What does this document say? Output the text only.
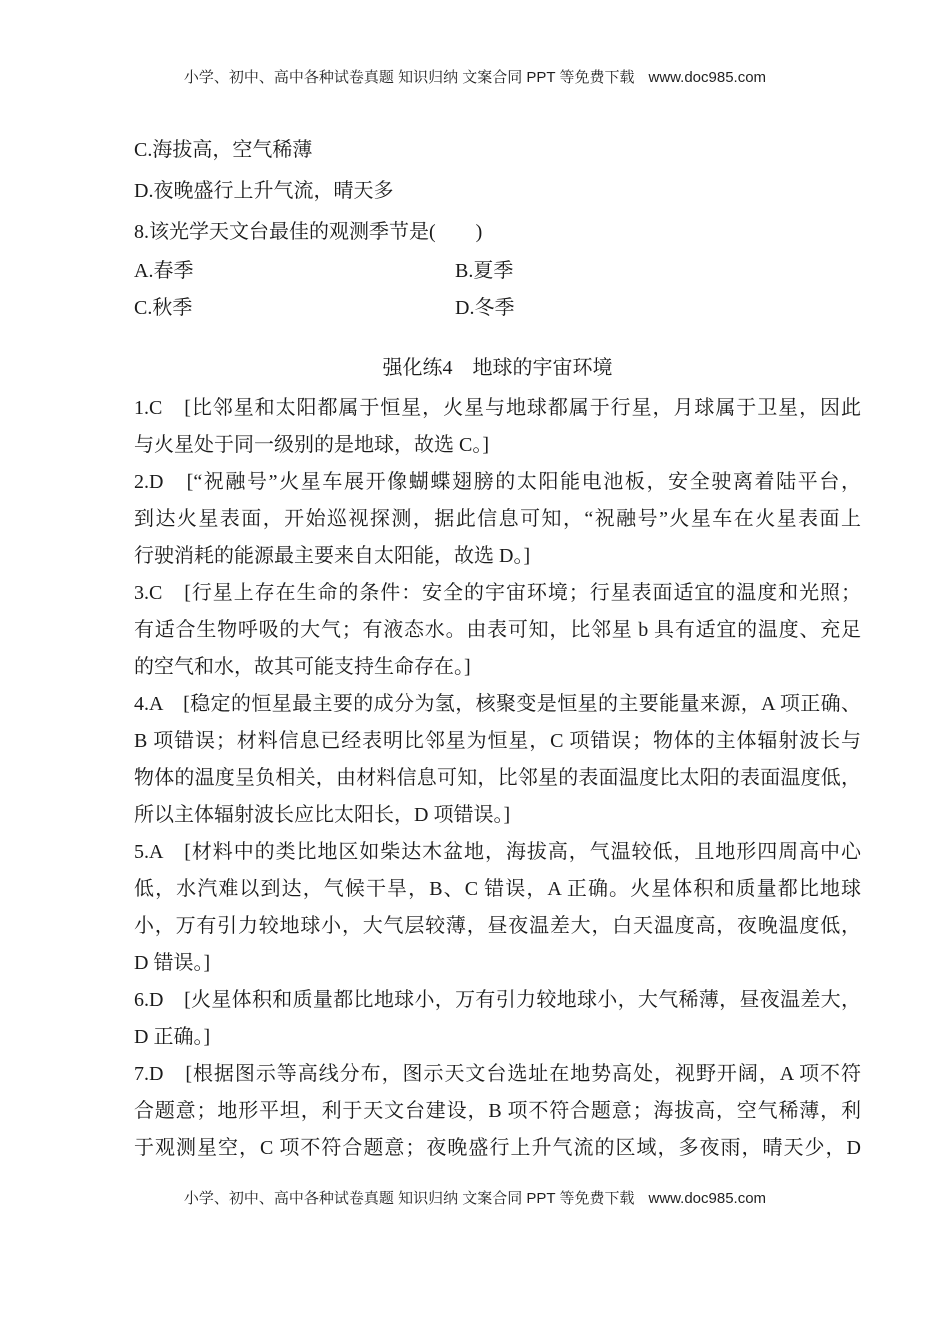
小学、初中、高中各种试卷真题 知识归纳 文案合同 PPT 等免费下载 www.doc985.com
C.海拔高，空气稀薄
D.夜晚盛行上升气流，晴天多
8.该光学天文台最佳的观测季节是(　　)
A.春季	B.夏季
C.秋季	D.冬季
强化练4　地球的宇宙环境
1.C　[比邻星和太阳都属于恒星，火星与地球都属于行星，月球属于卫星，因此
与火星处于同一级别的是地球，故选 C。]
2.D　[“祝融号”火星车展开像蝴蝶翅膀的太阳能电池板，安全驶离着陆平台，
到达火星表面，开始巡视探测，据此信息可知，“祝融号”火星车在火星表面上
行驶消耗的能源最主要来自太阳能，故选 D。]
3.C　[行星上存在生命的条件：安全的宇宙环境；行星表面适宜的温度和光照；
有适合生物呼吸的大气；有液态水。由表可知，比邻星 b 具有适宜的温度、充足
的空气和水，故其可能支持生命存在。]
4.A　[稳定的恒星最主要的成分为氢，核聚变是恒星的主要能量来源，A 项正确、
B 项错误；材料信息已经表明比邻星为恒星，C 项错误；物体的主体辐射波长与
物体的温度呈负相关，由材料信息可知，比邻星的表面温度比太阳的表面温度低，
所以主体辐射波长应比太阳长，D 项错误。]
5.A　[材料中的类比地区如柴达木盆地，海拔高，气温较低，且地形四周高中心
低，水汽难以到达，气候干旱，B、C 错误，A 正确。火星体积和质量都比地球
小，万有引力较地球小，大气层较薄，昼夜温差大，白天温度高，夜晚温度低，
D 错误。]
6.D　[火星体积和质量都比地球小，万有引力较地球小，大气稀薄，昼夜温差大，
D 正确。]
7.D　[根据图示等高线分布，图示天文台选址在地势高处，视野开阔，A 项不符
合题意；地形平坦，利于天文台建设，B 项不符合题意；海拔高，空气稀薄，利
于观测星空，C 项不符合题意；夜晚盛行上升气流的区域，多夜雨，晴天少，D
小学、初中、高中各种试卷真题 知识归纳 文案合同 PPT 等免费下载 www.doc985.com
